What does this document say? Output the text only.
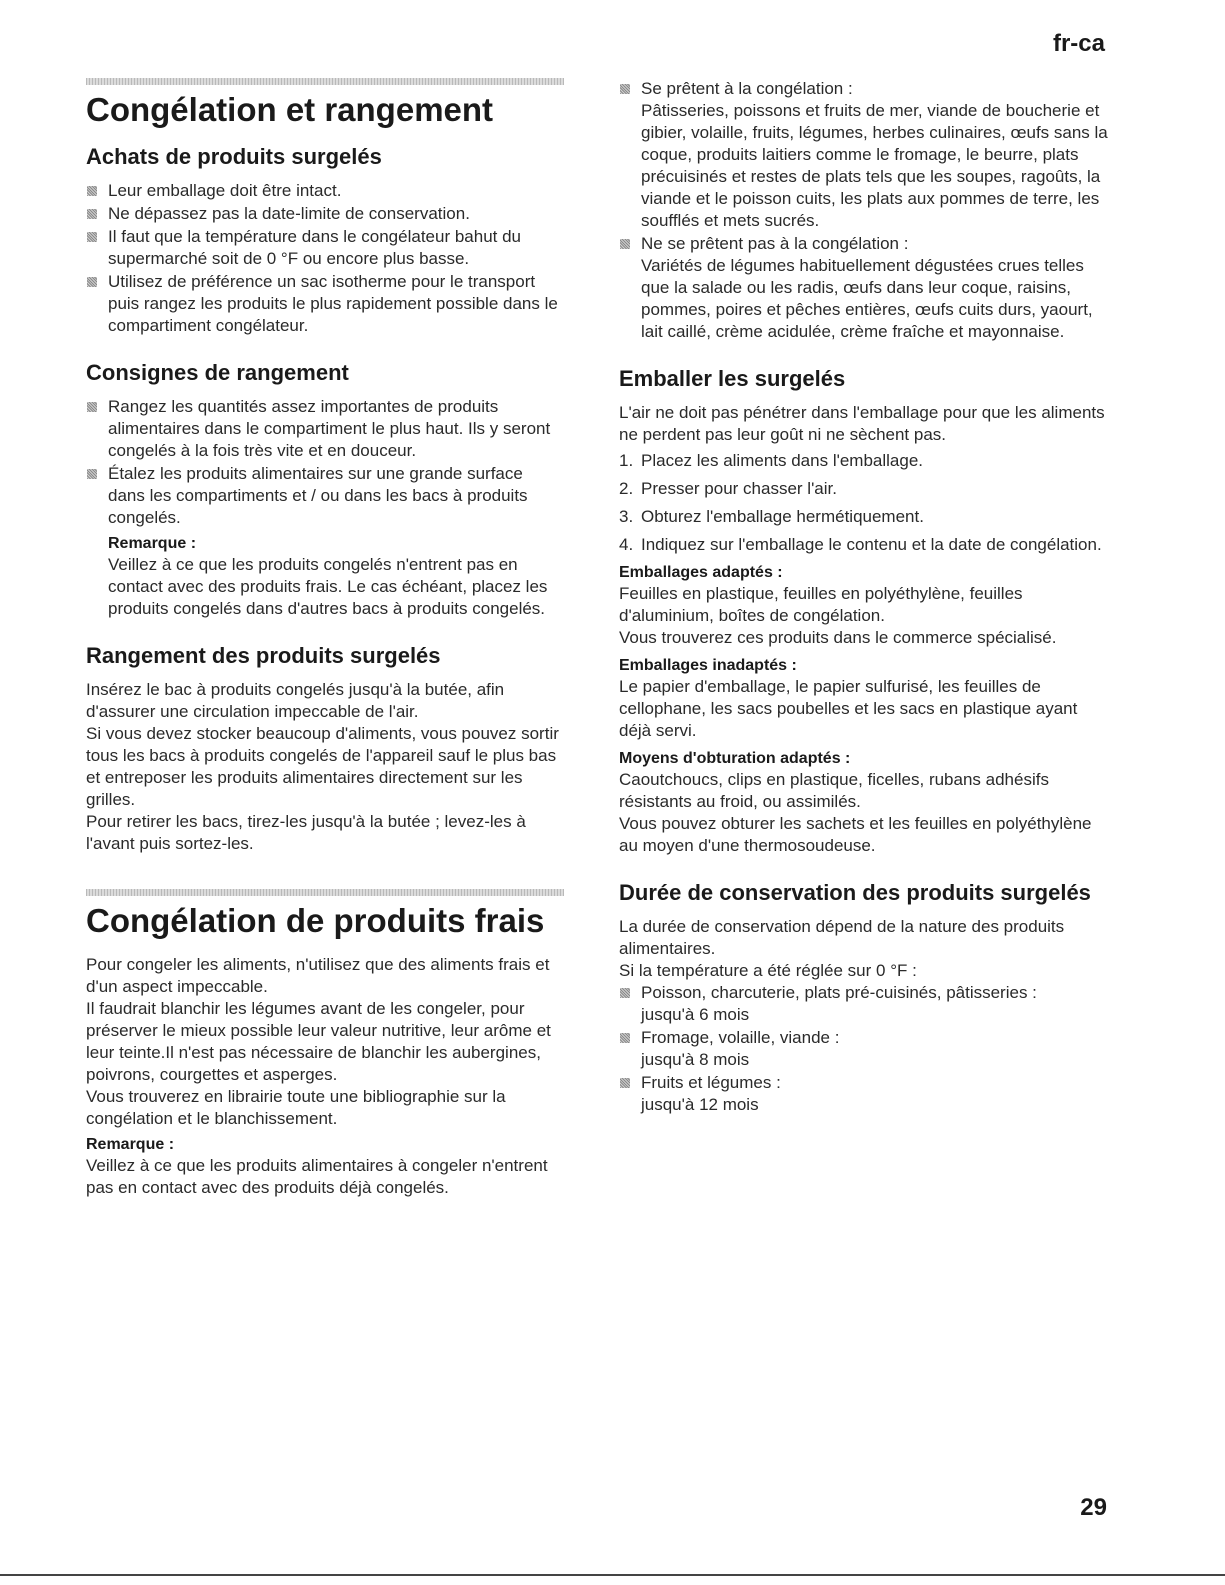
fr-ca
Congélation et rangement
Achats de produits surgelés
Leur emballage doit être intact.
Ne dépassez pas la date-limite de conservation.
Il faut que la température dans le congélateur bahut du supermarché soit de 0 °F ou encore plus basse.
Utilisez de préférence un sac isotherme pour le transport puis rangez les produits le plus rapidement possible dans le compartiment congélateur.
Consignes de rangement
Rangez les quantités assez importantes de produits alimentaires dans le compartiment le plus haut. Ils y seront congelés à la fois très vite et en douceur.
Étalez les produits alimentaires sur une grande surface dans les compartiments et / ou dans les bacs à produits congelés.
Remarque :

Veillez à ce que les produits congelés n'entrent pas en contact avec des produits frais. Le cas échéant, placez les produits congelés dans d'autres bacs à produits congelés.

Rangement des produits surgelés

Insérez le bac à produits congelés jusqu'à la butée, afin d'assurer une circulation impeccable de l'air.

Si vous devez stocker beaucoup d'aliments, vous pouvez sortir tous les bacs à produits congelés de l'appareil sauf le plus bas et entreposer les produits alimentaires directement sur les grilles.

Pour retirer les bacs, tirez-les jusqu'à la butée ; levez-les à l'avant puis sortez-les.

Congélation de produits frais

Pour congeler les aliments, n'utilisez que des aliments frais et d'un aspect impeccable.

Il faudrait blanchir les légumes avant de les congeler, pour préserver le mieux possible leur valeur nutritive, leur arôme et leur teinte.Il n'est pas nécessaire de blanchir les aubergines, poivrons, courgettes et asperges.

Vous trouverez en librairie toute une bibliographie sur la congélation et le blanchissement.

Remarque :

Veillez à ce que les produits alimentaires à congeler n'entrent pas en contact avec des produits déjà congelés.

Se prêtent à la congélation :
Pâtisseries, poissons et fruits de mer, viande de boucherie et gibier, volaille, fruits, légumes, herbes culinaires, œufs sans la coque, produits laitiers comme le fromage, le beurre, plats précuisinés et restes de plats tels que les soupes, ragoûts, la viande et le poisson cuits, les plats aux pommes de terre, les soufflés et mets sucrés.
Ne se prêtent pas à la congélation :
Variétés de légumes habituellement dégustées crues telles que la salade ou les radis, œufs dans leur coque, raisins, pommes, poires et pêches entières, œufs cuits durs, yaourt, lait caillé, crème acidulée, crème fraîche et mayonnaise.
Emballer les surgelés

L'air ne doit pas pénétrer dans l'emballage pour que les aliments ne perdent pas leur goût ni ne sèchent pas.

1. Placez les aliments dans l'emballage.
2. Presser pour chasser l'air.
3. Obturez l'emballage hermétiquement.
4. Indiquez sur l'emballage le contenu et la date de congélation.
Emballages adaptés :

Feuilles en plastique, feuilles en polyéthylène, feuilles d'aluminium, boîtes de congélation.

Vous trouverez ces produits dans le commerce spécialisé.

Emballages inadaptés :

Le papier d'emballage, le papier sulfurisé, les feuilles de cellophane, les sacs poubelles et les sacs en plastique ayant déjà servi.

Moyens d'obturation adaptés :

Caoutchoucs, clips en plastique, ficelles, rubans adhésifs résistants au froid, ou assimilés.

Vous pouvez obturer les sachets et les feuilles en polyéthylène au moyen d'une thermosoudeuse.

Durée de conservation des produits surgelés

La durée de conservation dépend de la nature des produits alimentaires.

Si la température a été réglée sur 0 °F :

Poisson, charcuterie, plats pré-cuisinés, pâtisseries :
jusqu'à 6 mois
Fromage, volaille, viande :
jusqu'à 8 mois
Fruits et légumes :
jusqu'à 12 mois
29
